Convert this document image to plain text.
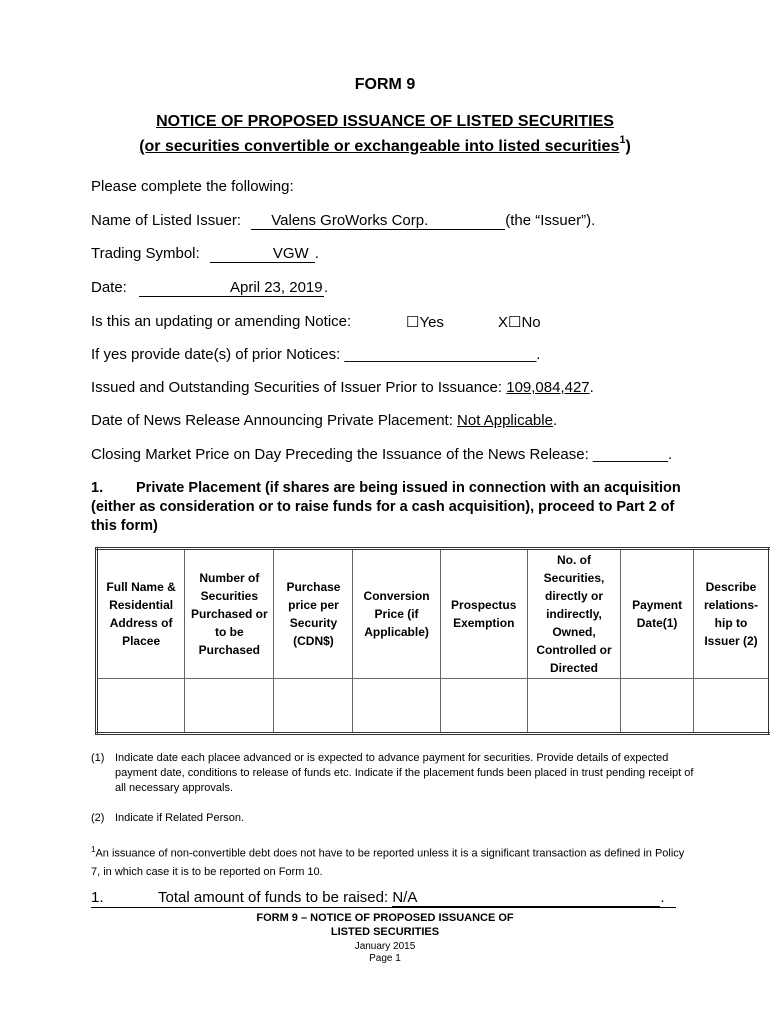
FORM 9
NOTICE OF PROPOSED ISSUANCE OF LISTED SECURITIES
(or securities convertible or exchangeable into listed securities$^1$)
Please complete the following:
Name of Listed Issuer: Valens GroWorks Corp.	(the “Issuer”).
Trading Symbol:	VGW .
Date:	April 23, 2019.
Is this an updating or amending Notice:	☐Yes	X☐No
If yes provide date(s) of prior Notices: _______________________.
Issued and Outstanding Securities of Issuer Prior to Issuance: 109,084,427.
Date of News Release Announcing Private Placement: Not Applicable.
Closing Market Price on Day Preceding the Issuance of the News Release: _________.
1. Private Placement (if shares are being issued in connection with an acquisition (either as consideration or to raise funds for a cash acquisition), proceed to Part 2 of this form)
Full Name & Residential Address of Placee	Number of Securities Purchased or to be Purchased	Purchase price per Security (CDN$)	Conversion Price (if Applicable)	Prospectus Exemption	No. of Securities, directly or indirectly, Owned, Controlled or Directed	Payment Date(1)	Describe relations-hip to Issuer (2)

(1) Indicate date each placee advanced or is expected to advance payment for securities. Provide details of expected payment date, conditions to release of funds etc. Indicate if the placement funds been placed in trust pending receipt of all necessary approvals.
(2) Indicate if Related Person.
$^1$An issuance of non-convertible debt does not have to be reported unless it is a significant transaction as defined in Policy 7, in which case it is to be reported on Form 10.
1.	Total amount of funds to be raised: N/A	.
FORM 9 – NOTICE OF PROPOSED ISSUANCE OF
LISTED SECURITIES
January 2015
Page 1
